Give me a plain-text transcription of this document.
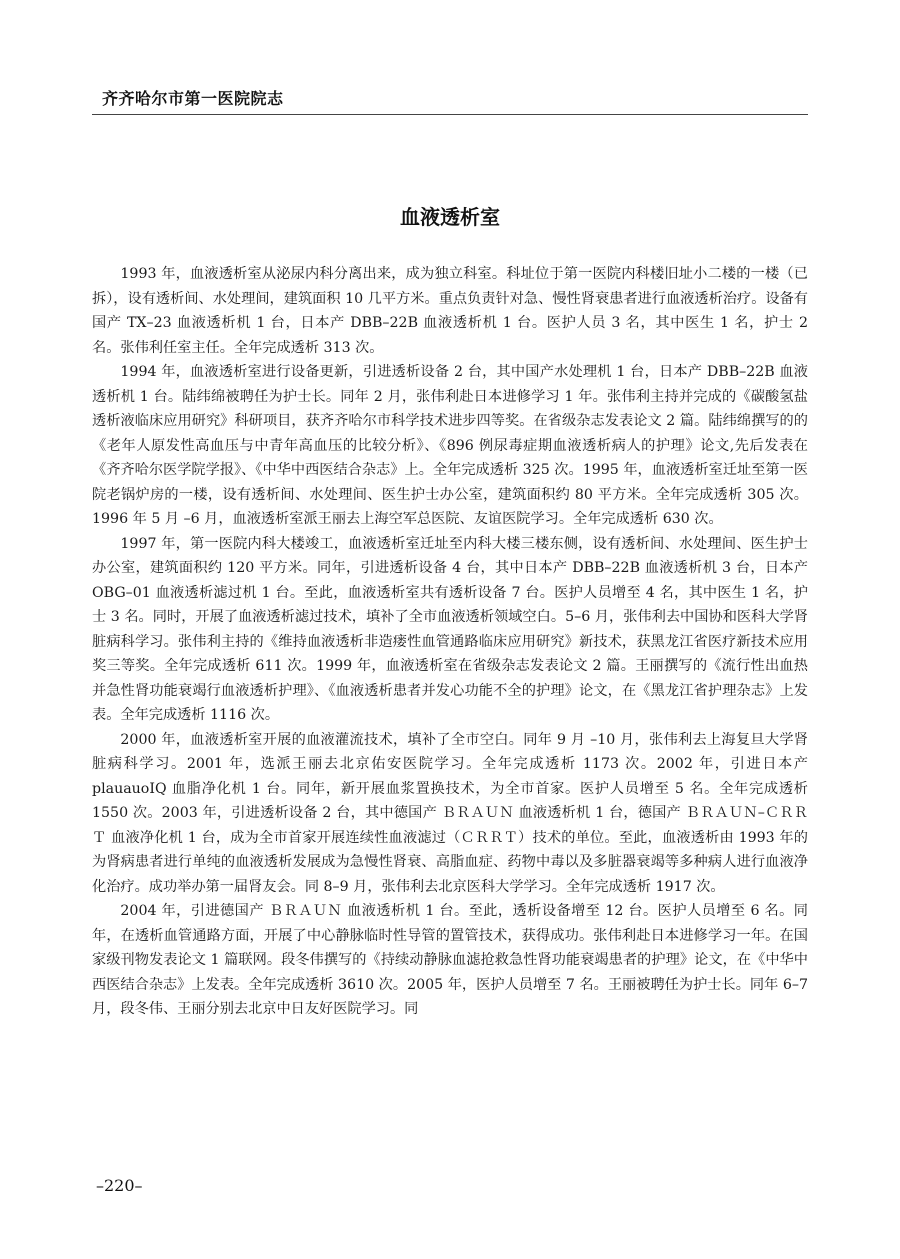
齐齐哈尔市第一医院院志
血液透析室

1993 年，血液透析室从泌尿内科分离出来，成为独立科室。科址位于第一医院内科楼旧址小二楼的一楼（已拆），设有透析间、水处理间，建筑面积 10 几平方米。重点负责针对急、慢性肾衰患者进行血液透析治疗。设备有国产 TX–23 血液透析机 1 台，日本产 DBB–22B 血液透析机 1 台。医护人员 3 名，其中医生 1 名，护士 2 名。张伟利任室主任。全年完成透析 313 次。

1994 年，血液透析室进行设备更新，引进透析设备 2 台，其中国产水处理机 1 台，日本产 DBB–22B 血液透析机 1 台。陆纬绵被聘任为护士长。同年 2 月，张伟利赴日本进修学习 1 年。张伟利主持并完成的《碳酸氢盐透析液临床应用研究》科研项目，获齐齐哈尔市科学技术进步四等奖。在省级杂志发表论文 2 篇。陆纬绵撰写的的《老年人原发性高血压与中青年高血压的比较分析》、《896 例尿毒症期血液透析病人的护理》论文,先后发表在《齐齐哈尔医学院学报》、《中华中西医结合杂志》上。全年完成透析 325 次。1995 年，血液透析室迁址至第一医院老锅炉房的一楼，设有透析间、水处理间、医生护士办公室，建筑面积约 80 平方米。全年完成透析 305 次。1996 年 5 月 –6 月，血液透析室派王丽去上海空军总医院、友谊医院学习。全年完成透析 630 次。

1997 年，第一医院内科大楼竣工，血液透析室迁址至内科大楼三楼东侧，设有透析间、水处理间、医生护士办公室，建筑面积约 120 平方米。同年，引进透析设备 4 台，其中日本产 DBB–22B 血液透析机 3 台，日本产 OBG–01 血液透析滤过机 1 台。至此，血液透析室共有透析设备 7 台。医护人员增至 4 名，其中医生 1 名，护士 3 名。同时，开展了血液透析滤过技术，填补了全市血液透析领域空白。5–6 月，张伟利去中国协和医科大学肾脏病科学习。张伟利主持的《维持血液透析非造瘘性血管通路临床应用研究》新技术，获黑龙江省医疗新技术应用奖三等奖。全年完成透析 611 次。1999 年，血液透析室在省级杂志发表论文 2 篇。王丽撰写的《流行性出血热并急性肾功能衰竭行血液透析护理》、《血液透析患者并发心功能不全的护理》论文，在《黑龙江省护理杂志》上发表。全年完成透析 1116 次。

2000 年，血液透析室开展的血液灌流技术，填补了全市空白。同年 9 月 –10 月，张伟利去上海复旦大学肾脏病科学习。2001 年，选派王丽去北京佑安医院学习。全年完成透析 1173 次。2002 年，引进日本产 plauauoIQ 血脂净化机 1 台。同年，新开展血浆置换技术，为全市首家。医护人员增至 5 名。全年完成透析 1550 次。2003 年，引进透析设备 2 台，其中德国产 ＢＲＡＵＮ 血液透析机 1 台，德国产 ＢＲＡＵＮ–ＣＲＲＴ 血液净化机 1 台，成为全市首家开展连续性血液滤过（ＣＲＲＴ）技术的单位。至此，血液透析由 1993 年的为肾病患者进行单纯的血液透析发展成为急慢性肾衰、高脂血症、药物中毒以及多脏器衰竭等多种病人进行血液净化治疗。成功举办第一届肾友会。同 8–9 月，张伟利去北京医科大学学习。全年完成透析 1917 次。

2004 年，引进德国产 ＢＲＡＵＮ 血液透析机 1 台。至此，透析设备增至 12 台。医护人员增至 6 名。同年，在透析血管通路方面，开展了中心静脉临时性导管的置管技术，获得成功。张伟利赴日本进修学习一年。在国家级刊物发表论文 1 篇联网。段冬伟撰写的《持续动静脉血滤抢救急性肾功能衰竭患者的护理》论文，在《中华中西医结合杂志》上发表。全年完成透析 3610 次。2005 年，医护人员增至 7 名。王丽被聘任为护士长。同年 6–7 月，段冬伟、王丽分别去北京中日友好医院学习。同

–220–
